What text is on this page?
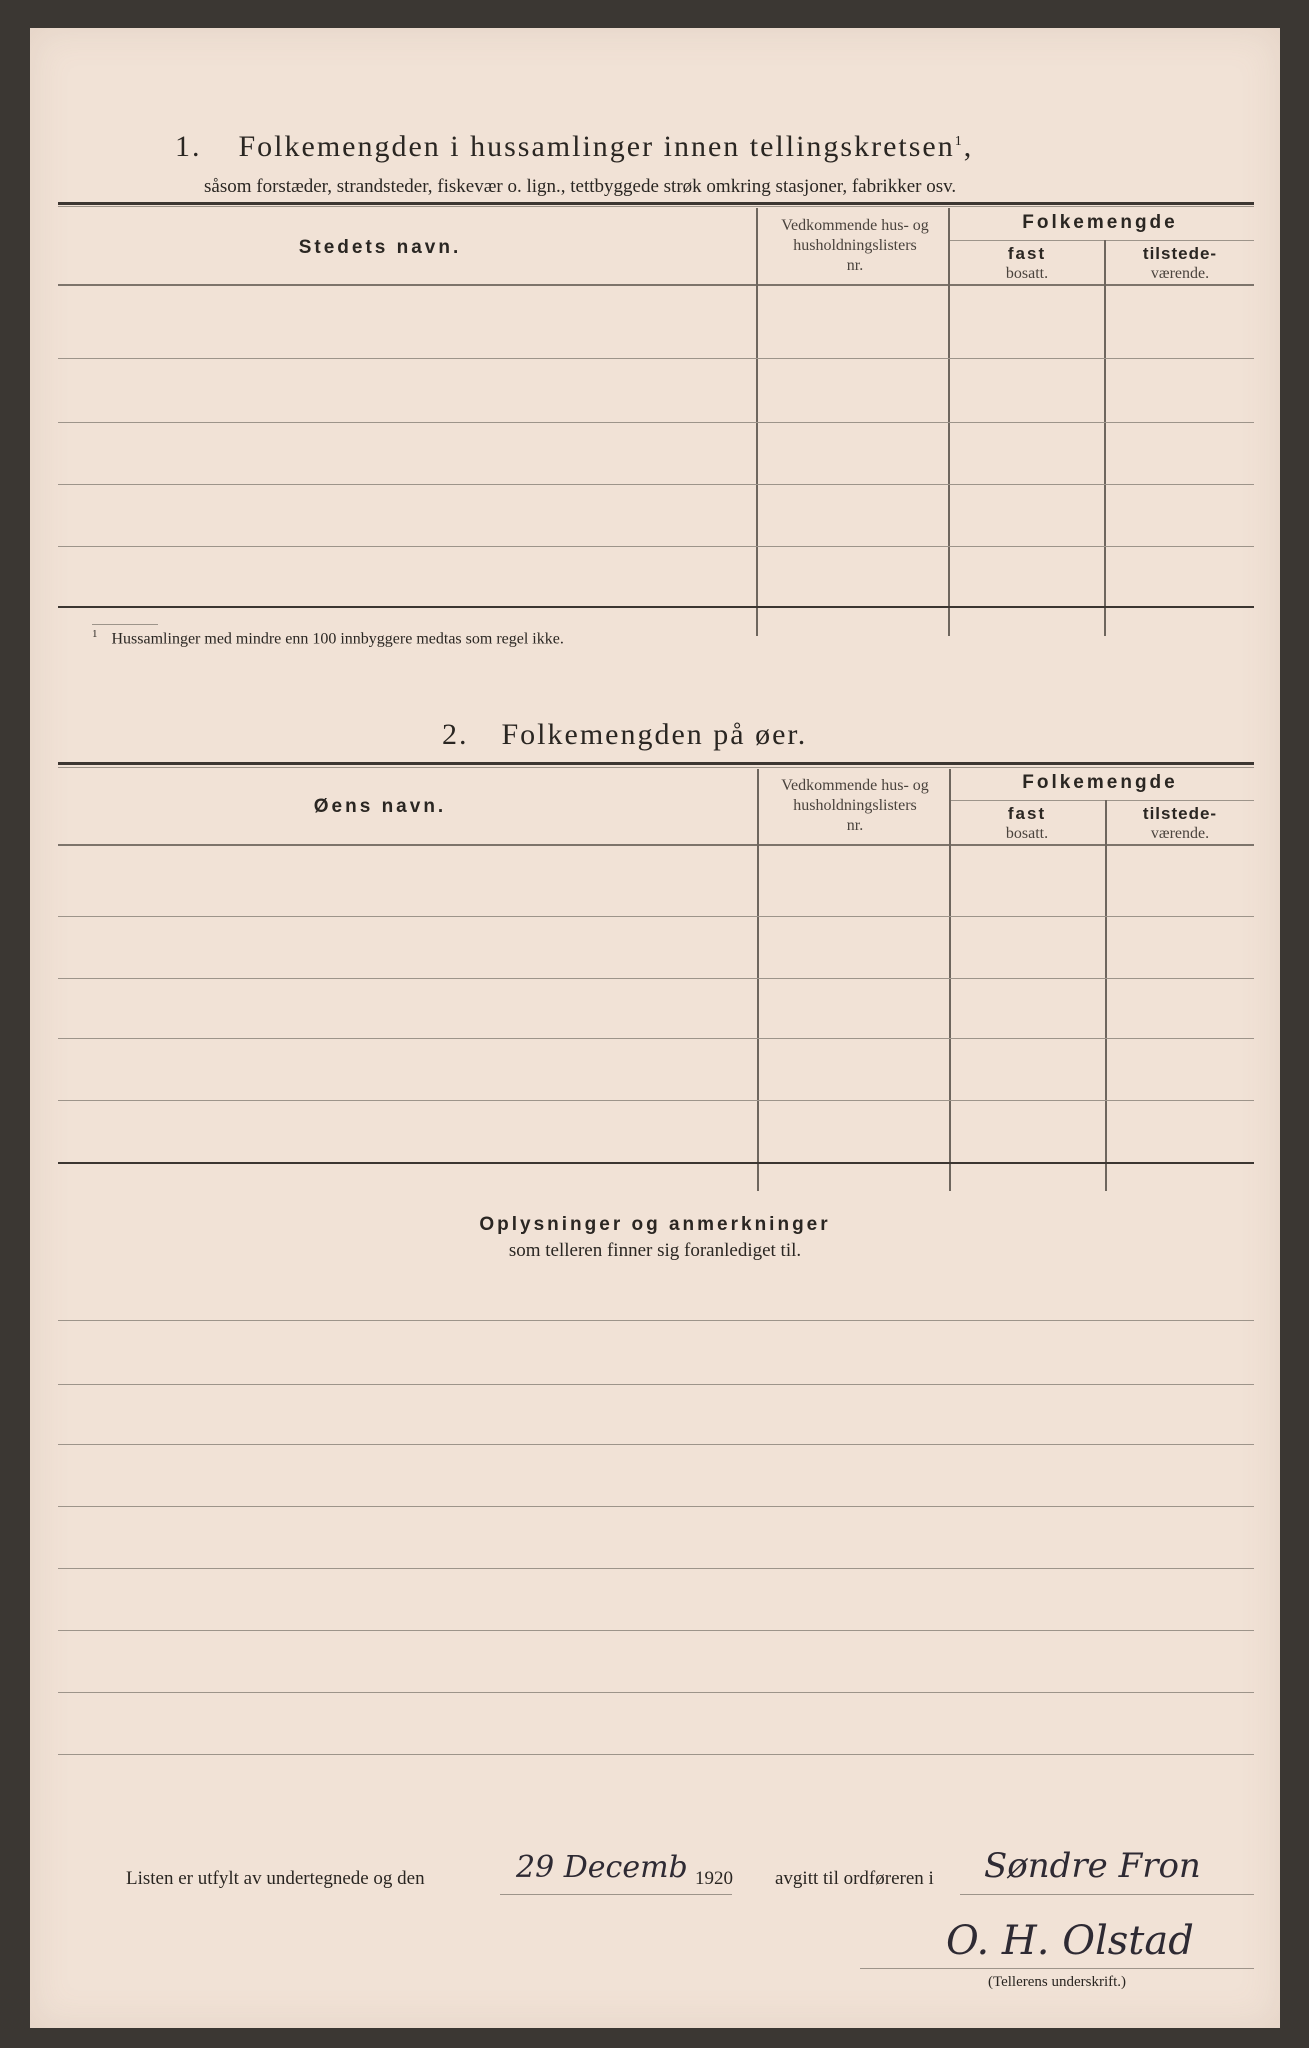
1. Folkemengden i hussamlinger innen tellingskretsen$^1$,
såsom forstæder, strandsteder, fiskevær o. lign., tettbyggede strøk omkring stasjoner, fabrikker osv.
Stedets navn.
Vedkommende hus- og
husholdningslisters
nr.
Folkemengde
fast
bosatt.
tilstede-
værende.
$^1$ Hussamlinger med mindre enn 100 innbyggere medtas som regel ikke.
2. Folkemengden på øer.
Øens navn.
Vedkommende hus- og
husholdningslisters
nr.
Folkemengde
fast
bosatt.
tilstede-
værende.
Oplysninger og anmerkninger
som telleren finner sig foranlediget til.
Listen er utfylt av undertegnede og den	29 Decemb 1920 avgitt til ordføreren i Søndre Fron
O. H. Olstad
(Tellerens underskrift.)
